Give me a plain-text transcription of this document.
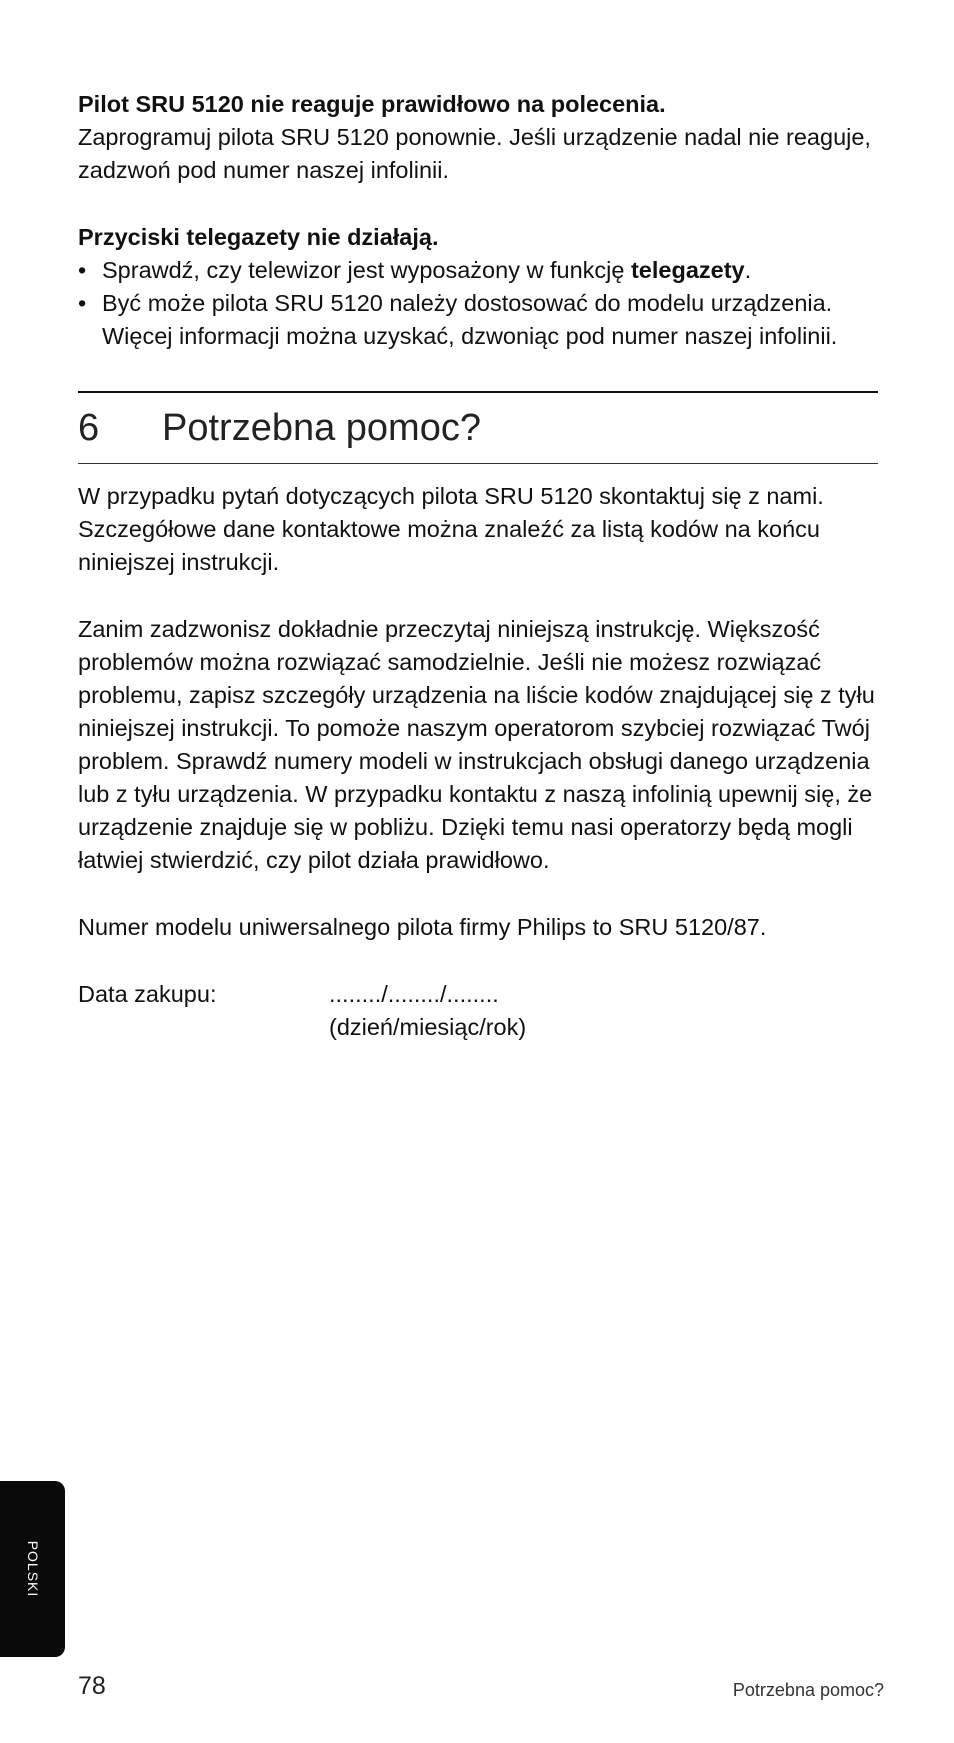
Pilot SRU 5120 nie reaguje prawidłowo na polecenia.

Zaprogramuj pilota SRU 5120 ponownie. Jeśli urządzenie nadal nie reaguje, zadzwoń pod numer naszej infolinii.

Przyciski telegazety nie działają.

• Sprawdź, czy telewizor jest wyposażony w funkcję telegazety.
• Być może pilota SRU 5120 należy dostosować do modelu urządzenia. Więcej informacji można uzyskać, dzwoniąc pod numer naszej infolinii.
6	Potrzebna pomoc?

W przypadku pytań dotyczących pilota SRU 5120 skontaktuj się z nami. Szczegółowe dane kontaktowe można znaleźć za listą kodów na końcu niniejszej instrukcji.

Zanim zadzwonisz dokładnie przeczytaj niniejszą instrukcję. Większość problemów można rozwiązać samodzielnie. Jeśli nie możesz rozwiązać problemu, zapisz szczegóły urządzenia na liście kodów znajdującej się z tyłu niniejszej instrukcji. To pomoże naszym operatorom szybciej rozwiązać Twój problem. Sprawdź numery modeli w instrukcjach obsługi danego urządzenia lub z tyłu urządzenia. W przypadku kontaktu z naszą infolinią upewnij się, że urządzenie znajduje się w pobliżu. Dzięki temu nasi operatorzy będą mogli łatwiej stwierdzić, czy pilot działa prawidłowo.

Numer modelu uniwersalnego pilota firmy Philips to SRU 5120/87.

Data zakupu:	......../......../........
(dzień/miesiąc/rok)
POLSKI
78	Potrzebna pomoc?
